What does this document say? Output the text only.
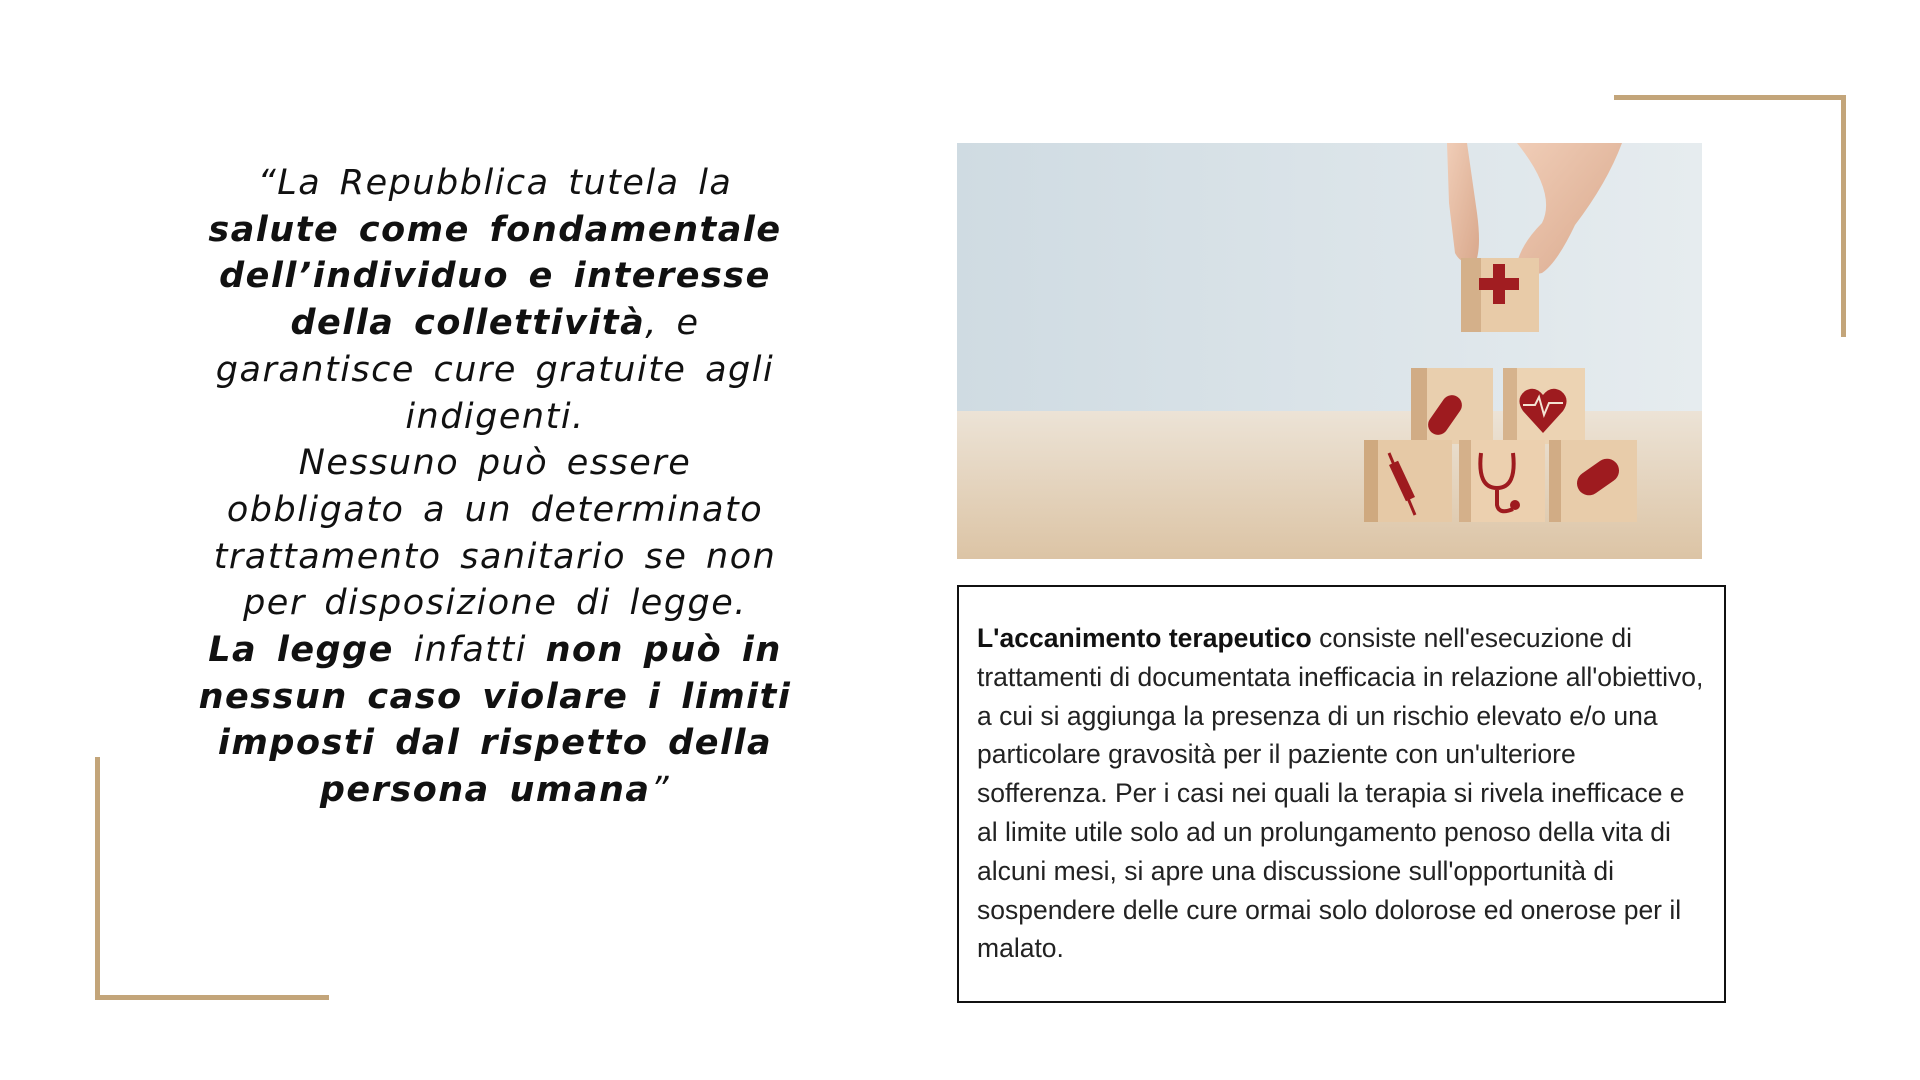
“La Repubblica tutela la
salute come fondamentale
dell’individuo e interesse
della collettività, e
garantisce cure gratuite agli
indigenti.
Nessuno può essere
obbligato a un determinato
trattamento sanitario se non
per disposizione di legge.
La legge infatti non può in
nessun caso violare i limiti
imposti dal rispetto della
persona umana”
L'accanimento terapeutico consiste nell'esecuzione di trattamenti di documentata inefficacia in relazione all'obiettivo, a cui si aggiunga la presenza di un rischio elevato e/o una particolare gravosità per il paziente con un'ulteriore sofferenza. Per i casi nei quali la terapia si rivela inefficace e al limite utile solo ad un prolungamento penoso della vita di alcuni mesi, si apre una discussione sull'opportunità di sospendere delle cure ormai solo dolorose ed onerose per il malato.
